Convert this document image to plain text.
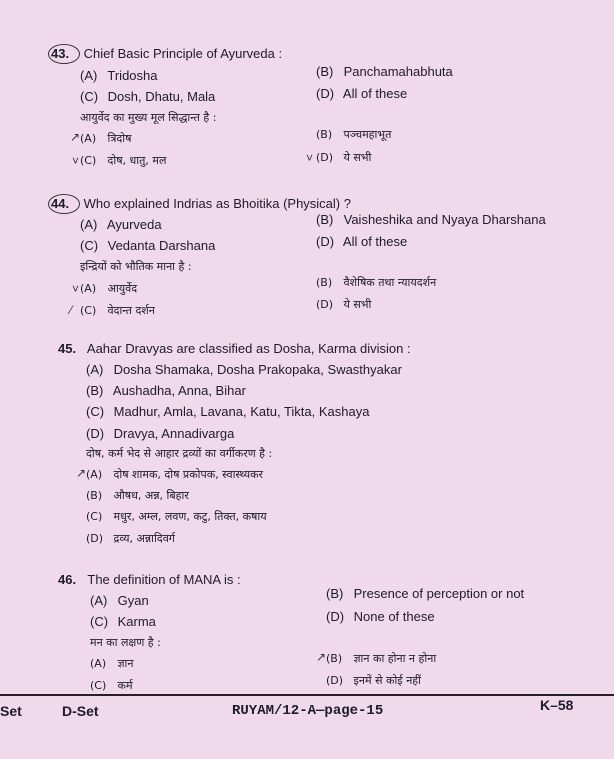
43. Chief Basic Principle of Ayurveda :
(A) Tridosha	(B) Panchamahabhuta
(C) Dosh, Dhatu, Mala	(D) All of these
आयुर्वेद का मुख्य मूल सिद्धान्त है :
(A) त्रिदोष	(B) पञ्चमहाभूत
(C) दोष, धातु, मल	(D) ये सभी
↗
˅	˅
44. Who explained Indrias as Bhoitika (Physical) ?
(A) Ayurveda	(B) Vaisheshika and Nyaya Dharshana
(C) Vedanta Darshana	(D) All of these
इन्द्रियों को भौतिक माना है :
(A) आयुर्वेद	(B) वैशेषिक तथा न्यायदर्शन
(C) वेदान्त दर्शन	(D) ये सभी
˅
⁄
45. Aahar Dravyas are classified as Dosha, Karma division :
(A) Dosha Shamaka, Dosha Prakopaka, Swasthyakar
(B) Aushadha, Anna, Bihar
(C) Madhur, Amla, Lavana, Katu, Tikta, Kashaya
(D) Dravya, Annadivarga
दोष, कर्म भेद से आहार द्रव्यों का वर्गीकरण है :
(A) दोष शामक, दोष प्रकोपक, स्वास्थ्यकर
(B) औषध, अन्न, बिहार
(C) मधुर, अम्ल, लवण, कटु, तिक्त, कषाय
(D) द्रव्य, अन्नादिवर्ग
↗
46. The definition of MANA is :
(A) Gyan	(B) Presence of perception or not
(C) Karma	(D) None of these
मन का लक्षण है :
(A) ज्ञान	(B) ज्ञान का होना न होना
(C) कर्म	(D) इनमें से कोई नहीं
↗
Set	D-Set	RUYAM/12-A—page-15	K–58
